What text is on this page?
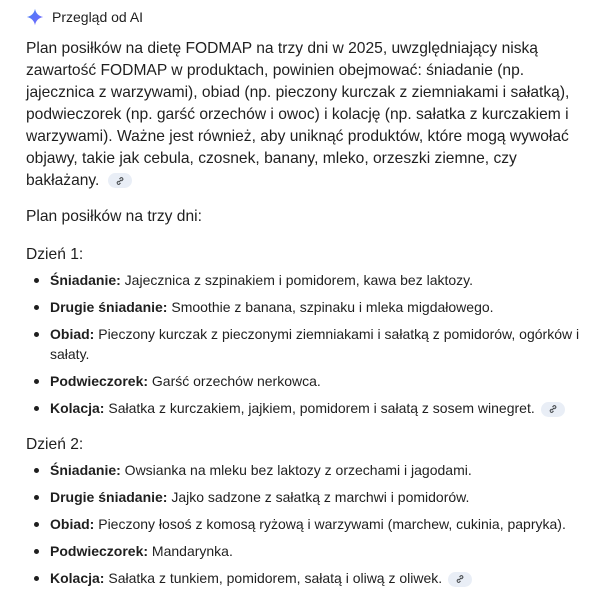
Przegląd od AI

Plan posiłków na dietę FODMAP na trzy dni w 2025, uwzględniający niską zawartość FODMAP w produktach, powinien obejmować: śniadanie (np. jajecznica z warzywami), obiad (np. pieczony kurczak z ziemniakami i sałatką), podwieczorek (np. garść orzechów i owoc) i kolację (np. sałatka z kurczakiem i warzywami). Ważne jest również, aby uniknąć produktów, które mogą wywołać objawy, takie jak cebula, czosnek, banany, mleko, orzeszki ziemne, czy bakłażany.

Plan posiłków na trzy dni:
Dzień 1:
Śniadanie: Jajecznica z szpinakiem i pomidorem, kawa bez laktozy.
Drugie śniadanie: Smoothie z banana, szpinaku i mleka migdałowego.
Obiad: Pieczony kurczak z pieczonymi ziemniakami i sałatką z pomidorów, ogórków i sałaty.
Podwieczorek: Garść orzechów nerkowca.
Kolacja: Sałatka z kurczakiem, jajkiem, pomidorem i sałatą z sosem winegret.
Dzień 2:
Śniadanie: Owsianka na mleku bez laktozy z orzechami i jagodami.
Drugie śniadanie: Jajko sadzone z sałatką z marchwi i pomidorów.
Obiad: Pieczony łosoś z komosą ryżową i warzywami (marchew, cukinia, papryka).
Podwieczorek: Mandarynka.
Kolacja: Sałatka z tunkiem, pomidorem, sałatą i oliwą z oliwek.
